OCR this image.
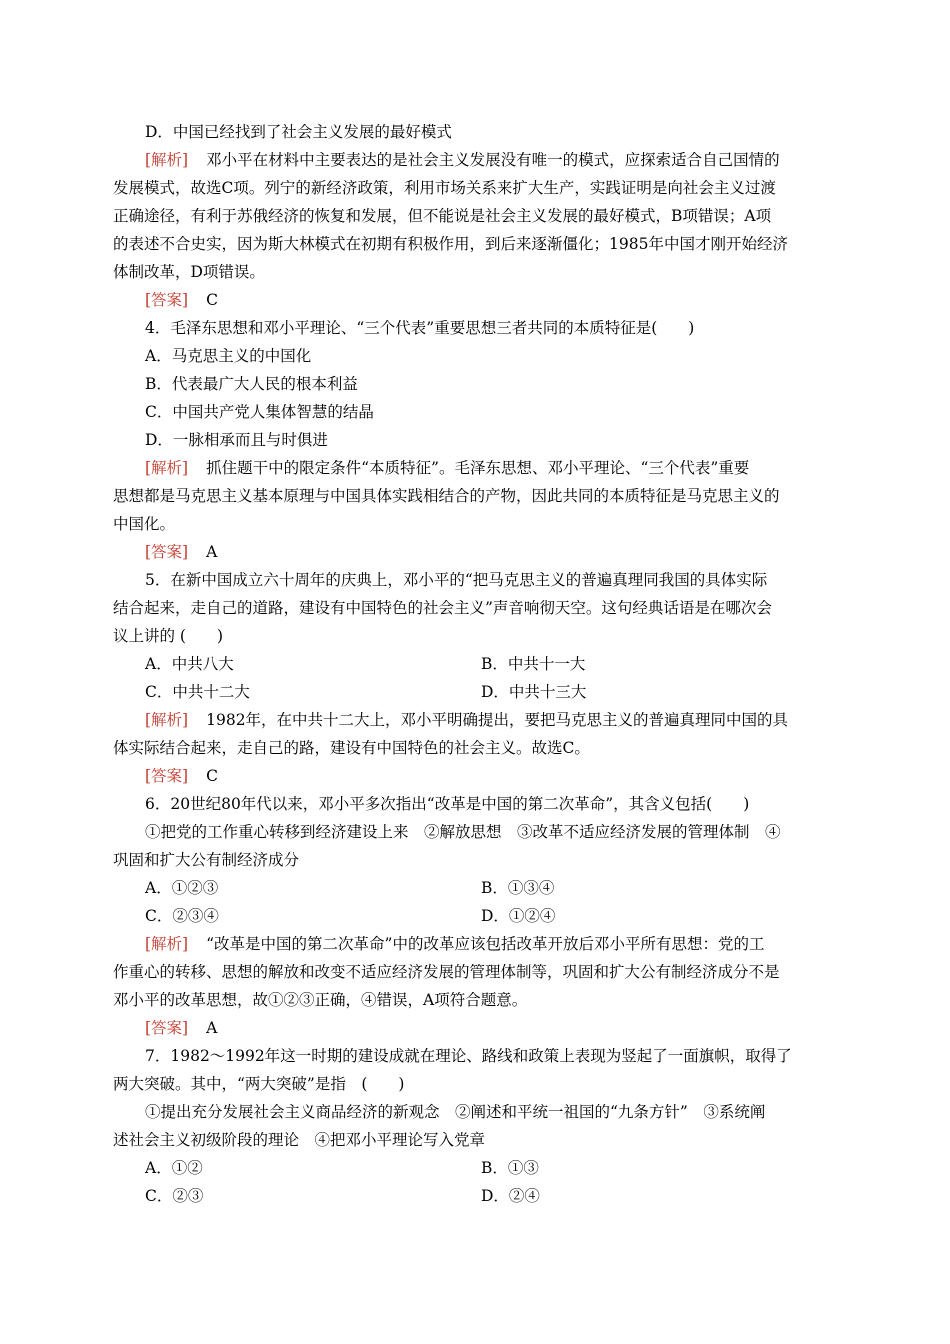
D．中国已经找到了社会主义发展的最好模式
[解析] 邓小平在材料中主要表达的是社会主义发展没有唯一的模式，应探索适合自己国情的
发展模式，故选C项。列宁的新经济政策，利用市场关系来扩大生产，实践证明是向社会主义过渡
正确途径，有利于苏俄经济的恢复和发展，但不能说是社会主义发展的最好模式，B项错误；A项
的表述不合史实，因为斯大林模式在初期有积极作用，到后来逐渐僵化；1985年中国才刚开始经济
体制改革，D项错误。
[答案] C
4．毛泽东思想和邓小平理论、“三个代表”重要思想三者共同的本质特征是(　　)
A．马克思主义的中国化
B．代表最广大人民的根本利益
C．中国共产党人集体智慧的结晶
D．一脉相承而且与时俱进
[解析] 抓住题干中的限定条件“本质特征”。毛泽东思想、邓小平理论、“三个代表”重要
思想都是马克思主义基本原理与中国具体实践相结合的产物，因此共同的本质特征是马克思主义的
中国化。
[答案] A
5．在新中国成立六十周年的庆典上，邓小平的“把马克思主义的普遍真理同我国的具体实际
结合起来，走自己的道路，建设有中国特色的社会主义”声音响彻天空。这句经典话语是在哪次会
议上讲的 (　　)
A．中共八大	B．中共十一大
C．中共十二大	D．中共十三大
[解析] 1982年，在中共十二大上，邓小平明确提出，要把马克思主义的普遍真理同中国的具
体实际结合起来，走自己的路，建设有中国特色的社会主义。故选C。
[答案] C
6．20世纪80年代以来，邓小平多次指出“改革是中国的第二次革命”，其含义包括(　　)
①把党的工作重心转移到经济建设上来　②解放思想　③改革不适应经济发展的管理体制　④
巩固和扩大公有制经济成分
A．①②③	B．①③④
C．②③④	D．①②④
[解析] “改革是中国的第二次革命”中的改革应该包括改革开放后邓小平所有思想：党的工
作重心的转移、思想的解放和改变不适应经济发展的管理体制等，巩固和扩大公有制经济成分不是
邓小平的改革思想，故①②③正确，④错误，A项符合题意。
[答案] A
7．1982～1992年这一时期的建设成就在理论、路线和政策上表现为竖起了一面旗帜，取得了
两大突破。其中，“两大突破”是指　(　　)
①提出充分发展社会主义商品经济的新观念　②阐述和平统一祖国的“九条方针”　③系统阐
述社会主义初级阶段的理论　④把邓小平理论写入党章
A．①②	B．①③
C．②③	D．②④
